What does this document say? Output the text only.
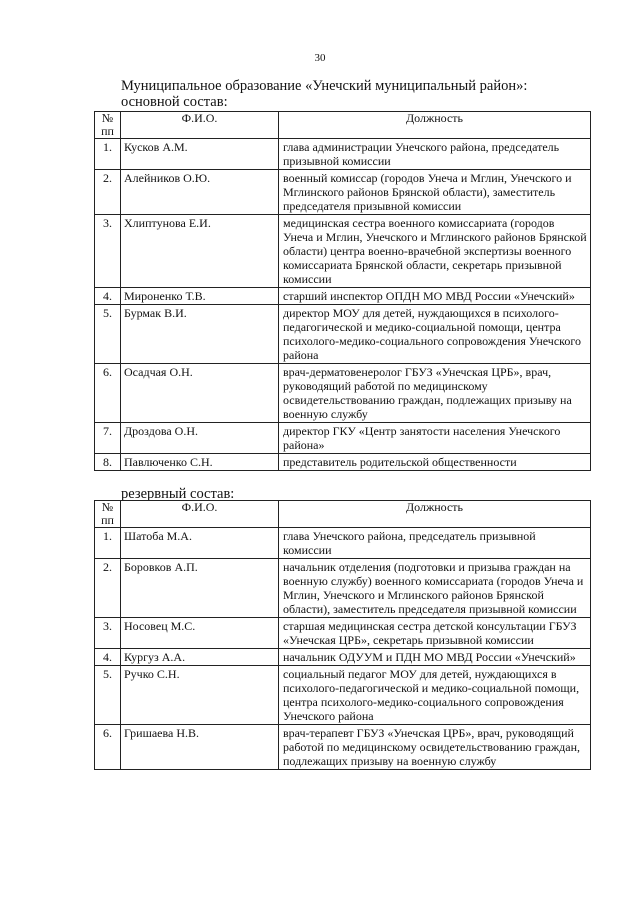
30
Муниципальное образование «Унечский муниципальный район»:
основной состав:
№ пп	Ф.И.О.	Должность
1.	Кусков А.М.	глава администрации Унечского района, председатель призывной комиссии
2.	Алейников О.Ю.	военный комиссар (городов Унеча и Мглин, Унечского и Мглинского районов Брянской области), заместитель председателя призывной комиссии
3.	Хлиптунова Е.И.	медицинская сестра военного комиссариата (городов Унеча и Мглин, Унечского и Мглинского районов Брянской области) центра военно-врачебной экспертизы военного комиссариата Брянской области, секретарь призывной комиссии
4.	Мироненко Т.В.	старший инспектор ОПДН МО МВД России «Унечский»
5.	Бурмак В.И.	директор МОУ для детей, нуждающихся в психолого-педагогической и медико-социальной помощи, центра психолого-медико-социального сопровождения Унечского района
6.	Осадчая О.Н.	врач-дерматовенеролог ГБУЗ «Унечская ЦРБ», врач, руководящий работой по медицинскому освидетельствованию граждан, подлежащих призыву на военную службу
7.	Дроздова О.Н.	директор ГКУ «Центр занятости населения Унечского района»
8.	Павлюченко С.Н.	представитель родительской общественности
резервный состав:
№ пп	Ф.И.О.	Должность
1.	Шатоба М.А.	глава Унечского района, председатель призывной комиссии
2.	Боровков А.П.	начальник отделения (подготовки и призыва граждан на военную службу) военного комиссариата (городов Унеча и Мглин, Унечского и Мглинского районов Брянской области), заместитель председателя призывной комиссии
3.	Носовец М.С.	старшая медицинская сестра детской консультации ГБУЗ «Унечская ЦРБ», секретарь призывной комиссии
4.	Кургуз А.А.	начальник ОДУУМ и ПДН МО МВД России «Унечский»
5.	Ручко С.Н.	социальный педагог МОУ для детей, нуждающихся в психолого-педагогической и медико-социальной помощи, центра психолого-медико-социального сопровождения Унечского района
6.	Гришаева Н.В.	врач-терапевт ГБУЗ «Унечская ЦРБ», врач, руководящий работой по медицинскому освидетельствованию граждан, подлежащих призыву на военную службу
